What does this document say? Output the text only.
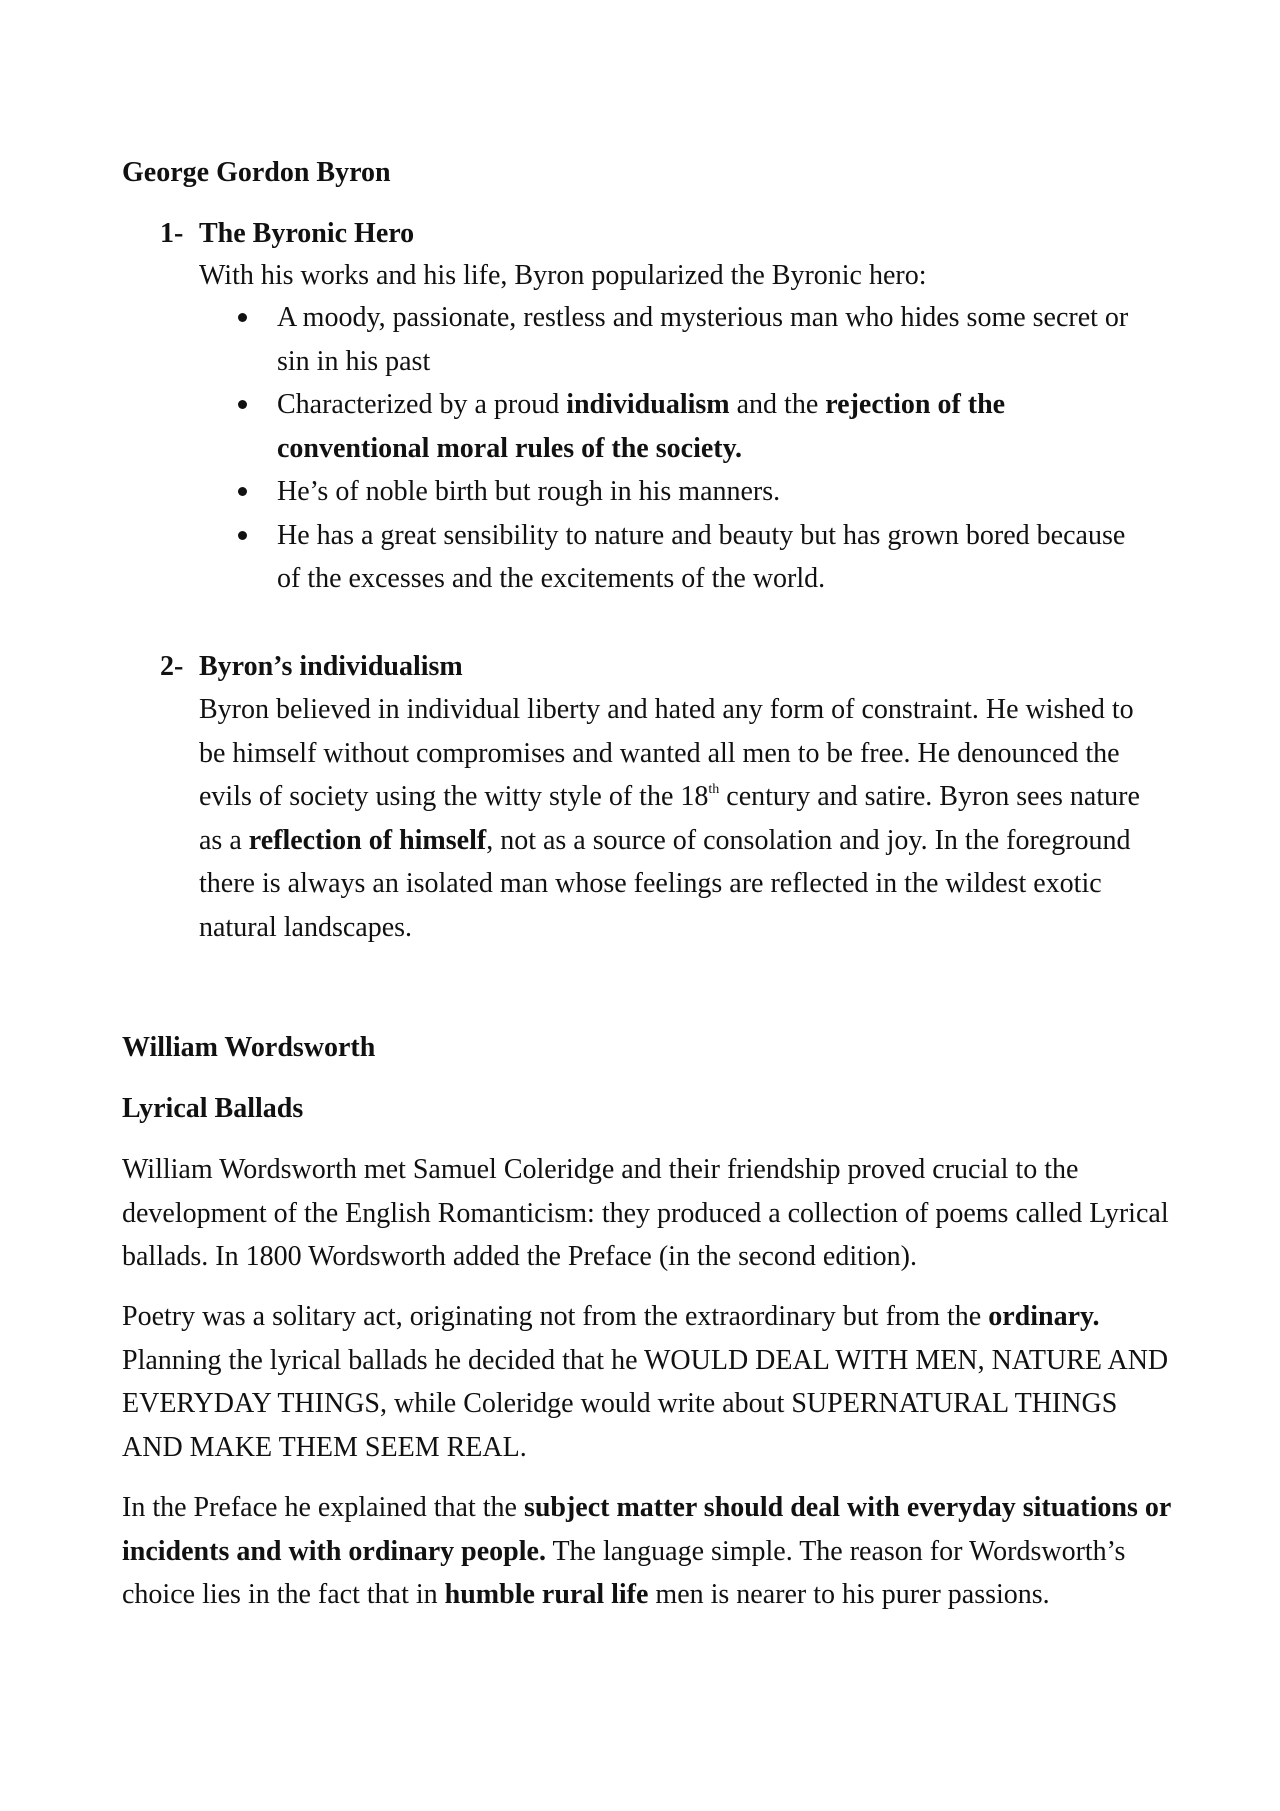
George Gordon Byron
1- The Byronic Hero
With his works and his life, Byron popularized the Byronic hero:
A moody, passionate, restless and mysterious man who hides some secret or sin in his past
Characterized by a proud individualism and the rejection of the conventional moral rules of the society.
He’s of noble birth but rough in his manners.
He has a great sensibility to nature and beauty but has grown bored because of the excesses and the excitements of the world.
2- Byron’s individualism

Byron believed in individual liberty and hated any form of constraint. He wished to be himself without compromises and wanted all men to be free. He denounced the evils of society using the witty style of the 18th century and satire. Byron sees nature as a reflection of himself, not as a source of consolation and joy. In the foreground there is always an isolated man whose feelings are reflected in the wildest exotic natural landscapes.

William Wordsworth
Lyrical Ballads

William Wordsworth met Samuel Coleridge and their friendship proved crucial to the development of the English Romanticism: they produced a collection of poems called Lyrical ballads. In 1800 Wordsworth added the Preface (in the second edition).

Poetry was a solitary act, originating not from the extraordinary but from the ordinary. Planning the lyrical ballads he decided that he WOULD DEAL WITH MEN, NATURE AND EVERYDAY THINGS, while Coleridge would write about SUPERNATURAL THINGS AND MAKE THEM SEEM REAL.

In the Preface he explained that the subject matter should deal with everyday situations or incidents and with ordinary people. The language simple. The reason for Wordsworth’s choice lies in the fact that in humble rural life men is nearer to his purer passions.
